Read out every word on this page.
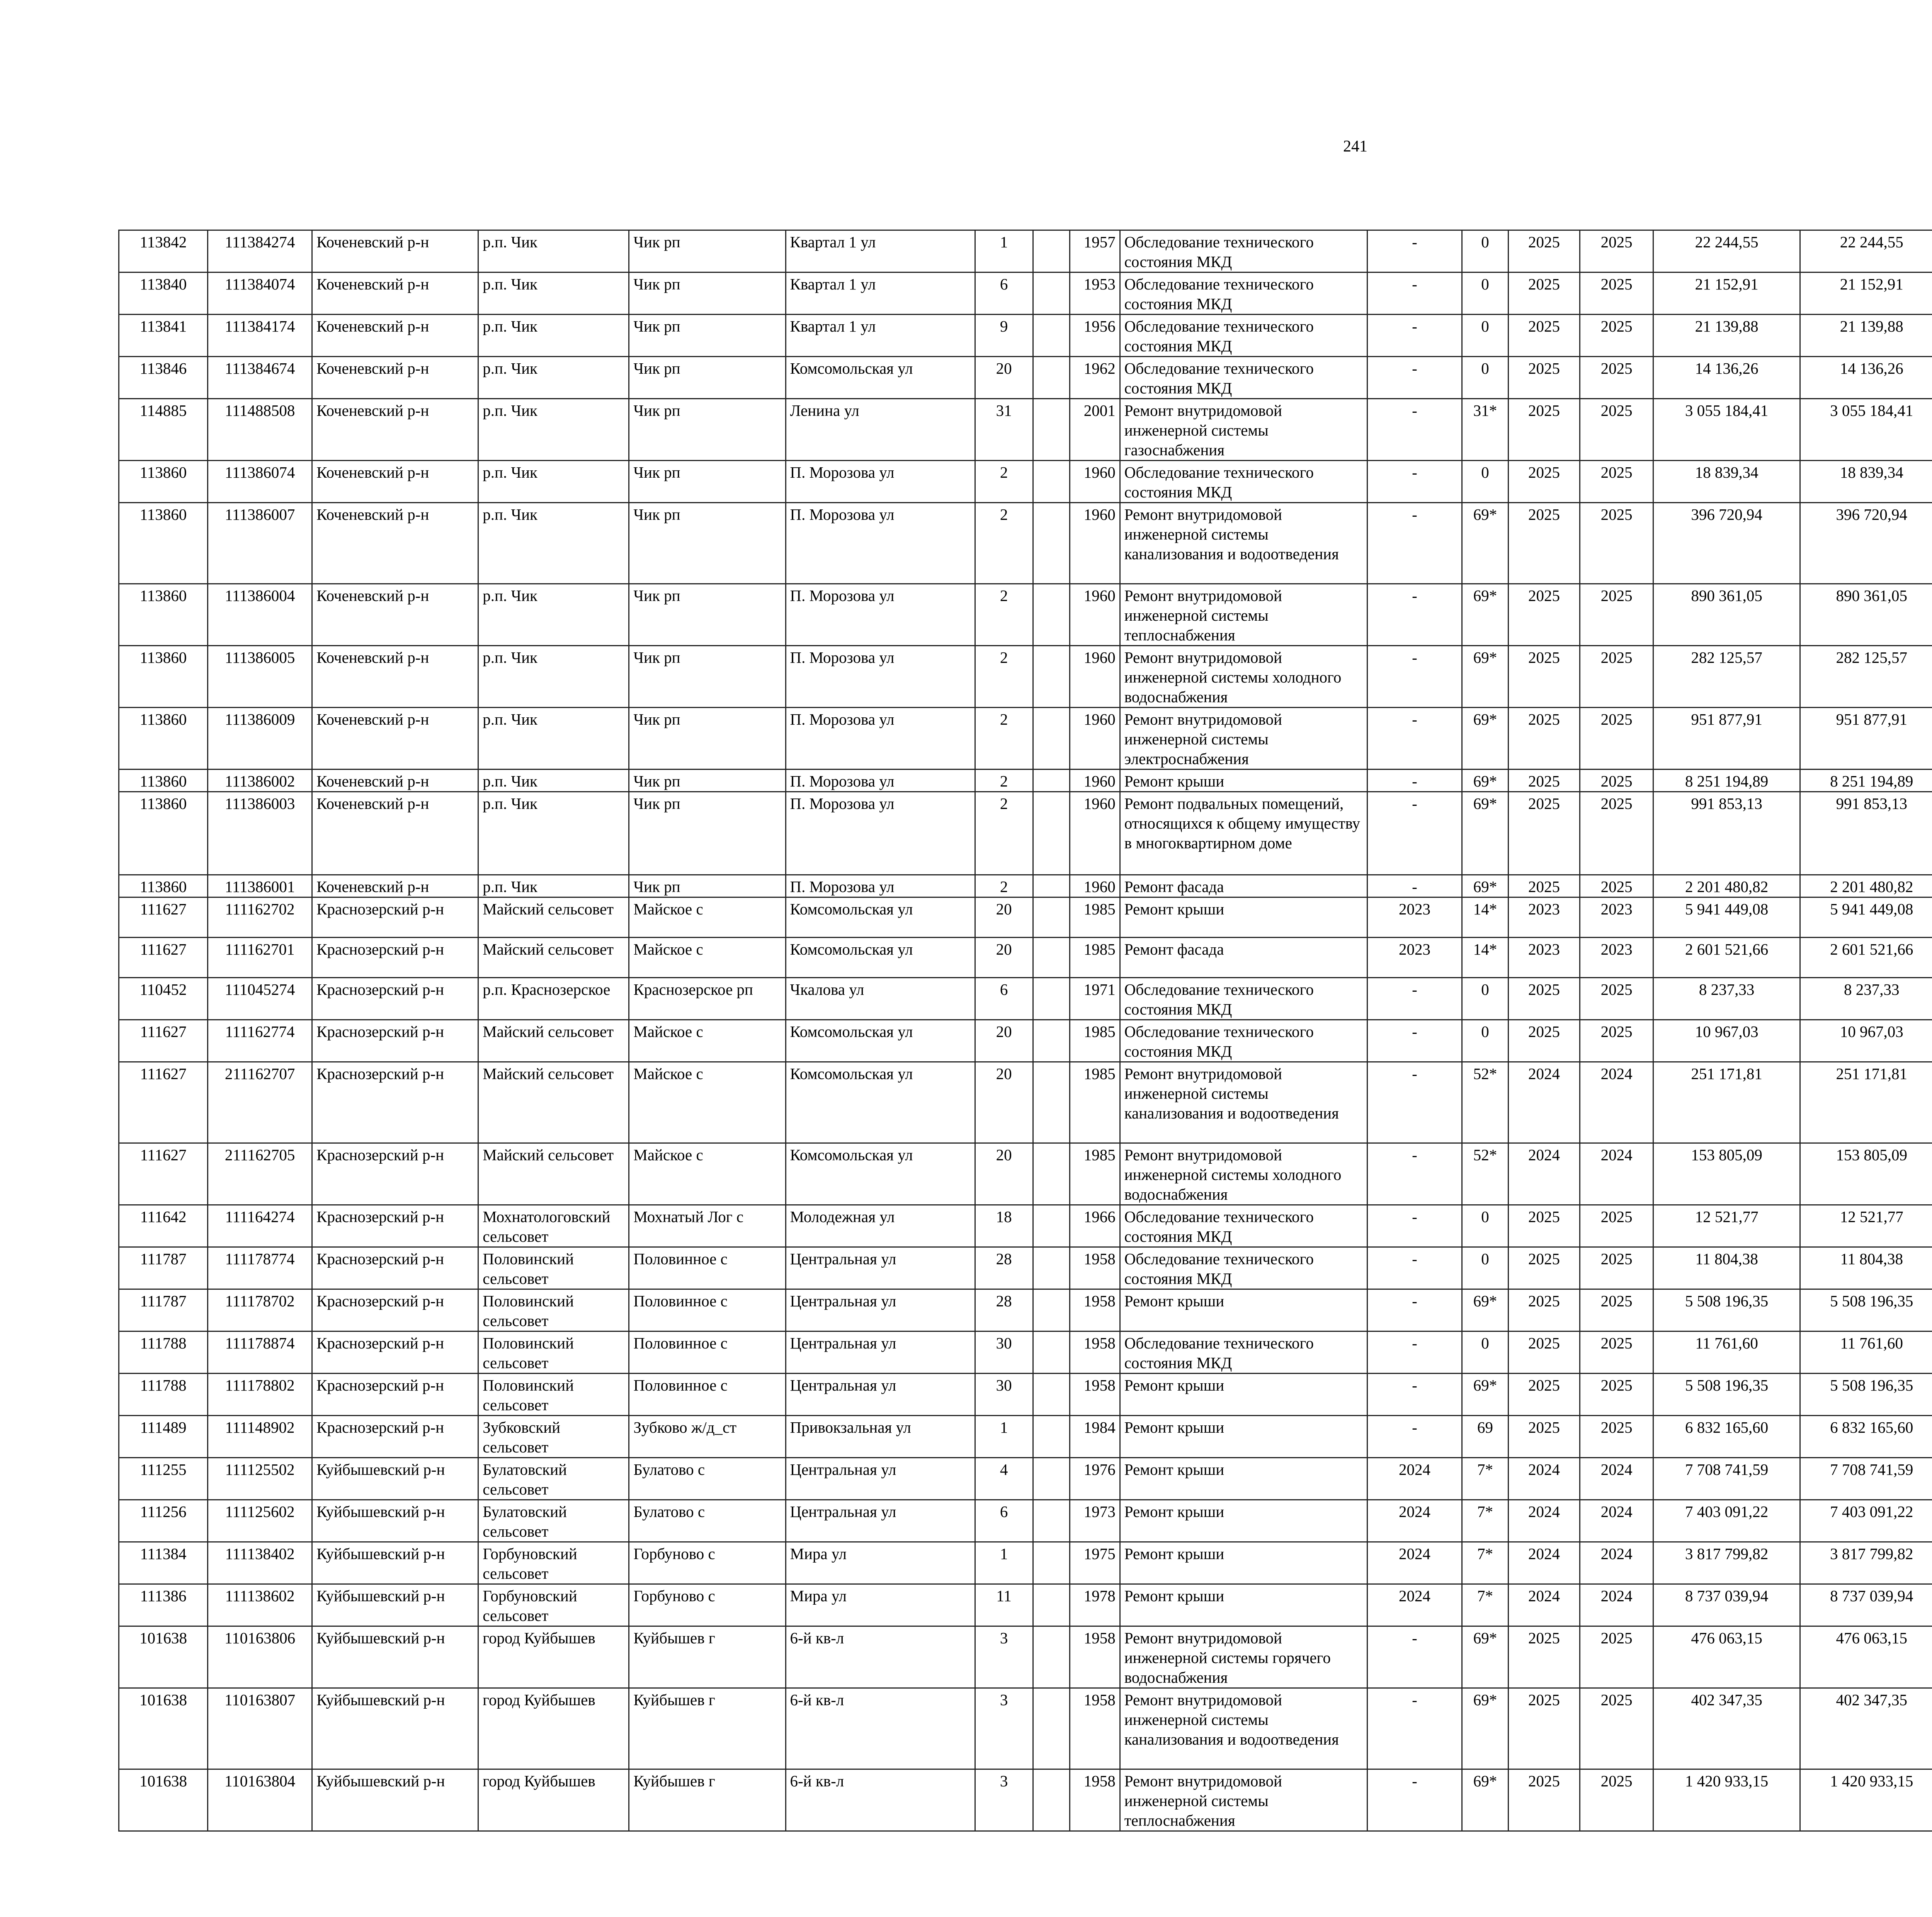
241
113842	111384274	Коченевский р-н	р.п. Чик	Чик рп	Квартал 1 ул	1		1957	Обследование технического состояния МКД	-	0	2025	2025	22 244,55	22 244,55						
113840	111384074	Коченевский р-н	р.п. Чик	Чик рп	Квартал 1 ул	6		1953	Обследование технического состояния МКД	-	0	2025	2025	21 152,91	21 152,91						
113841	111384174	Коченевский р-н	р.п. Чик	Чик рп	Квартал 1 ул	9		1956	Обследование технического состояния МКД	-	0	2025	2025	21 139,88	21 139,88						
113846	111384674	Коченевский р-н	р.п. Чик	Чик рп	Комсомольская ул	20		1962	Обследование технического состояния МКД	-	0	2025	2025	14 136,26	14 136,26						
114885	111488508	Коченевский р-н	р.п. Чик	Чик рп	Ленина ул	31		2001	Ремонт внутридомовой инженерной системы газоснабжения	-	31*	2025	2025	3 055 184,41	3 055 184,41						
113860	111386074	Коченевский р-н	р.п. Чик	Чик рп	П. Морозова ул	2		1960	Обследование технического состояния МКД	-	0	2025	2025	18 839,34	18 839,34						
113860	111386007	Коченевский р-н	р.п. Чик	Чик рп	П. Морозова ул	2		1960	Ремонт внутридомовой инженерной системы канализования и водоотведения	-	69*	2025	2025	396 720,94	396 720,94						
113860	111386004	Коченевский р-н	р.п. Чик	Чик рп	П. Морозова ул	2		1960	Ремонт внутридомовой инженерной системы теплоснабжения	-	69*	2025	2025	890 361,05	890 361,05						
113860	111386005	Коченевский р-н	р.п. Чик	Чик рп	П. Морозова ул	2		1960	Ремонт внутридомовой инженерной системы холодного водоснабжения	-	69*	2025	2025	282 125,57	282 125,57						
113860	111386009	Коченевский р-н	р.п. Чик	Чик рп	П. Морозова ул	2		1960	Ремонт внутридомовой инженерной системы электроснабжения	-	69*	2025	2025	951 877,91	951 877,91						
113860	111386002	Коченевский р-н	р.п. Чик	Чик рп	П. Морозова ул	2		1960	Ремонт крыши	-	69*	2025	2025	8 251 194,89	8 251 194,89						
113860	111386003	Коченевский р-н	р.п. Чик	Чик рп	П. Морозова ул	2		1960	Ремонт подвальных помещений, относящихся к общему имуществу в многоквартирном доме	-	69*	2025	2025	991 853,13	991 853,13						
113860	111386001	Коченевский р-н	р.п. Чик	Чик рп	П. Морозова ул	2		1960	Ремонт фасада	-	69*	2025	2025	2 201 480,82	2 201 480,82						
111627	111162702	Краснозерский р-н	Майский сельсовет	Майское с	Комсомольская ул	20		1985	Ремонт крыши	2023	14*	2023	2023	5 941 449,08	5 941 449,08						
111627	111162701	Краснозерский р-н	Майский сельсовет	Майское с	Комсомольская ул	20		1985	Ремонт фасада	2023	14*	2023	2023	2 601 521,66	2 601 521,66						
110452	111045274	Краснозерский р-н	р.п. Краснозерское	Краснозерское рп	Чкалова ул	6		1971	Обследование технического состояния МКД	-	0	2025	2025	8 237,33	8 237,33						
111627	111162774	Краснозерский р-н	Майский сельсовет	Майское с	Комсомольская ул	20		1985	Обследование технического состояния МКД	-	0	2025	2025	10 967,03	10 967,03						
111627	211162707	Краснозерский р-н	Майский сельсовет	Майское с	Комсомольская ул	20		1985	Ремонт внутридомовой инженерной системы канализования и водоотведения	-	52*	2024	2024	251 171,81	251 171,81						
111627	211162705	Краснозерский р-н	Майский сельсовет	Майское с	Комсомольская ул	20		1985	Ремонт внутридомовой инженерной системы холодного водоснабжения	-	52*	2024	2024	153 805,09	153 805,09						
111642	111164274	Краснозерский р-н	Мохнатологовский сельсовет	Мохнатый Лог с	Молодежная ул	18		1966	Обследование технического состояния МКД	-	0	2025	2025	12 521,77	12 521,77						
111787	111178774	Краснозерский р-н	Половинский сельсовет	Половинное с	Центральная ул	28		1958	Обследование технического состояния МКД	-	0	2025	2025	11 804,38	11 804,38						
111787	111178702	Краснозерский р-н	Половинский сельсовет	Половинное с	Центральная ул	28		1958	Ремонт крыши	-	69*	2025	2025	5 508 196,35	5 508 196,35						
111788	111178874	Краснозерский р-н	Половинский сельсовет	Половинное с	Центральная ул	30		1958	Обследование технического состояния МКД	-	0	2025	2025	11 761,60	11 761,60						
111788	111178802	Краснозерский р-н	Половинский сельсовет	Половинное с	Центральная ул	30		1958	Ремонт крыши	-	69*	2025	2025	5 508 196,35	5 508 196,35						
111489	111148902	Краснозерский р-н	Зубковский сельсовет	Зубково ж/д_ст	Привокзальная ул	1		1984	Ремонт крыши	-	69	2025	2025	6 832 165,60	6 832 165,60						
111255	111125502	Куйбышевский р-н	Булатовский сельсовет	Булатово с	Центральная ул	4		1976	Ремонт крыши	2024	7*	2024	2024	7 708 741,59	7 708 741,59						
111256	111125602	Куйбышевский р-н	Булатовский сельсовет	Булатово с	Центральная ул	6		1973	Ремонт крыши	2024	7*	2024	2024	7 403 091,22	7 403 091,22						
111384	111138402	Куйбышевский р-н	Горбуновский сельсовет	Горбуново с	Мира ул	1		1975	Ремонт крыши	2024	7*	2024	2024	3 817 799,82	3 817 799,82						
111386	111138602	Куйбышевский р-н	Горбуновский сельсовет	Горбуново с	Мира ул	11		1978	Ремонт крыши	2024	7*	2024	2024	8 737 039,94	8 737 039,94						
101638	110163806	Куйбышевский р-н	город Куйбышев	Куйбышев г	6-й кв-л	3		1958	Ремонт внутридомовой инженерной системы горячего водоснабжения	-	69*	2025	2025	476 063,15	476 063,15						
101638	110163807	Куйбышевский р-н	город Куйбышев	Куйбышев г	6-й кв-л	3		1958	Ремонт внутридомовой инженерной системы канализования и водоотведения	-	69*	2025	2025	402 347,35	402 347,35						
101638	110163804	Куйбышевский р-н	город Куйбышев	Куйбышев г	6-й кв-л	3		1958	Ремонт внутридомовой инженерной системы теплоснабжения	-	69*	2025	2025	1 420 933,15	1 420 933,15						
